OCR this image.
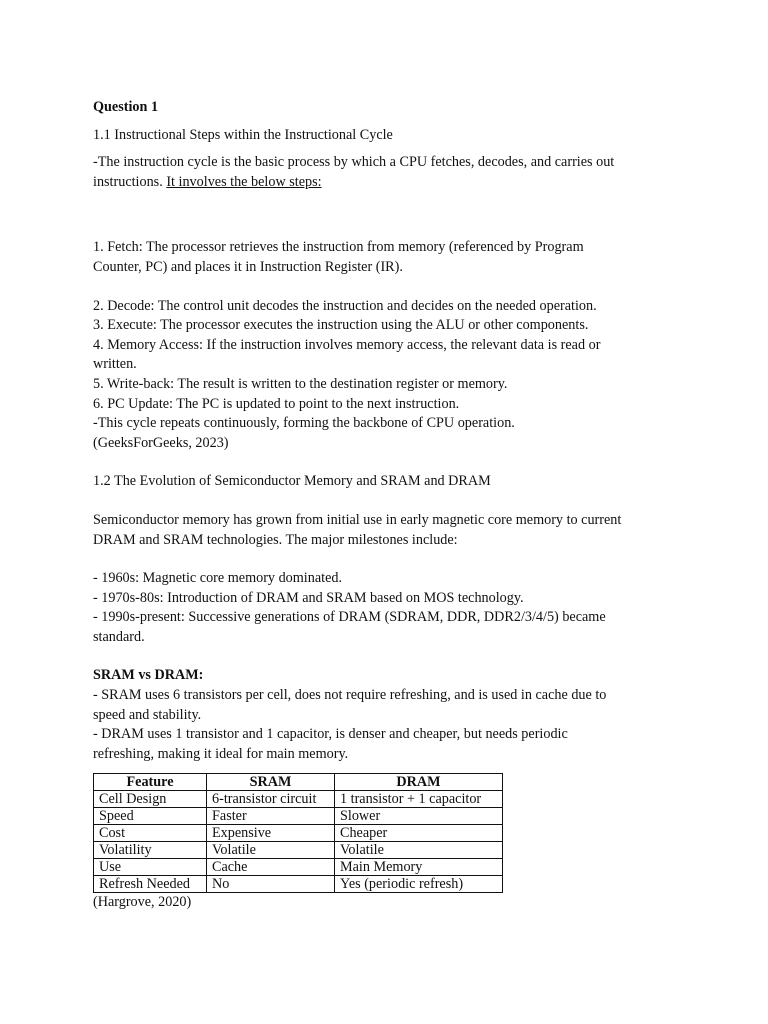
Question 1
1.1 Instructional Steps within the Instructional Cycle
-The instruction cycle is the basic process by which a CPU fetches, decodes, and carries out
instructions. It involves the below steps:
1. Fetch: The processor retrieves the instruction from memory (referenced by Program
Counter, PC) and places it in Instruction Register (IR).
2. Decode: The control unit decodes the instruction and decides on the needed operation.
3. Execute: The processor executes the instruction using the ALU or other components.
4. Memory Access: If the instruction involves memory access, the relevant data is read or
written.
5. Write-back: The result is written to the destination register or memory.
6. PC Update: The PC is updated to point to the next instruction.
-This cycle repeats continuously, forming the backbone of CPU operation.
(GeeksForGeeks, 2023)
1.2 The Evolution of Semiconductor Memory and SRAM and DRAM
Semiconductor memory has grown from initial use in early magnetic core memory to current
DRAM and SRAM technologies. The major milestones include:
- 1960s: Magnetic core memory dominated.
- 1970s-80s: Introduction of DRAM and SRAM based on MOS technology.
- 1990s-present: Successive generations of DRAM (SDRAM, DDR, DDR2/3/4/5) became
standard.
SRAM vs DRAM:
- SRAM uses 6 transistors per cell, does not require refreshing, and is used in cache due to
speed and stability.
- DRAM uses 1 transistor and 1 capacitor, is denser and cheaper, but needs periodic
refreshing, making it ideal for main memory.
Feature	SRAM	DRAM
Cell Design	6-transistor circuit	1 transistor + 1 capacitor
Speed	Faster	Slower
Cost	Expensive	Cheaper
Volatility	Volatile	Volatile
Use	Cache	Main Memory
Refresh Needed	No	Yes (periodic refresh)
(Hargrove, 2020)
